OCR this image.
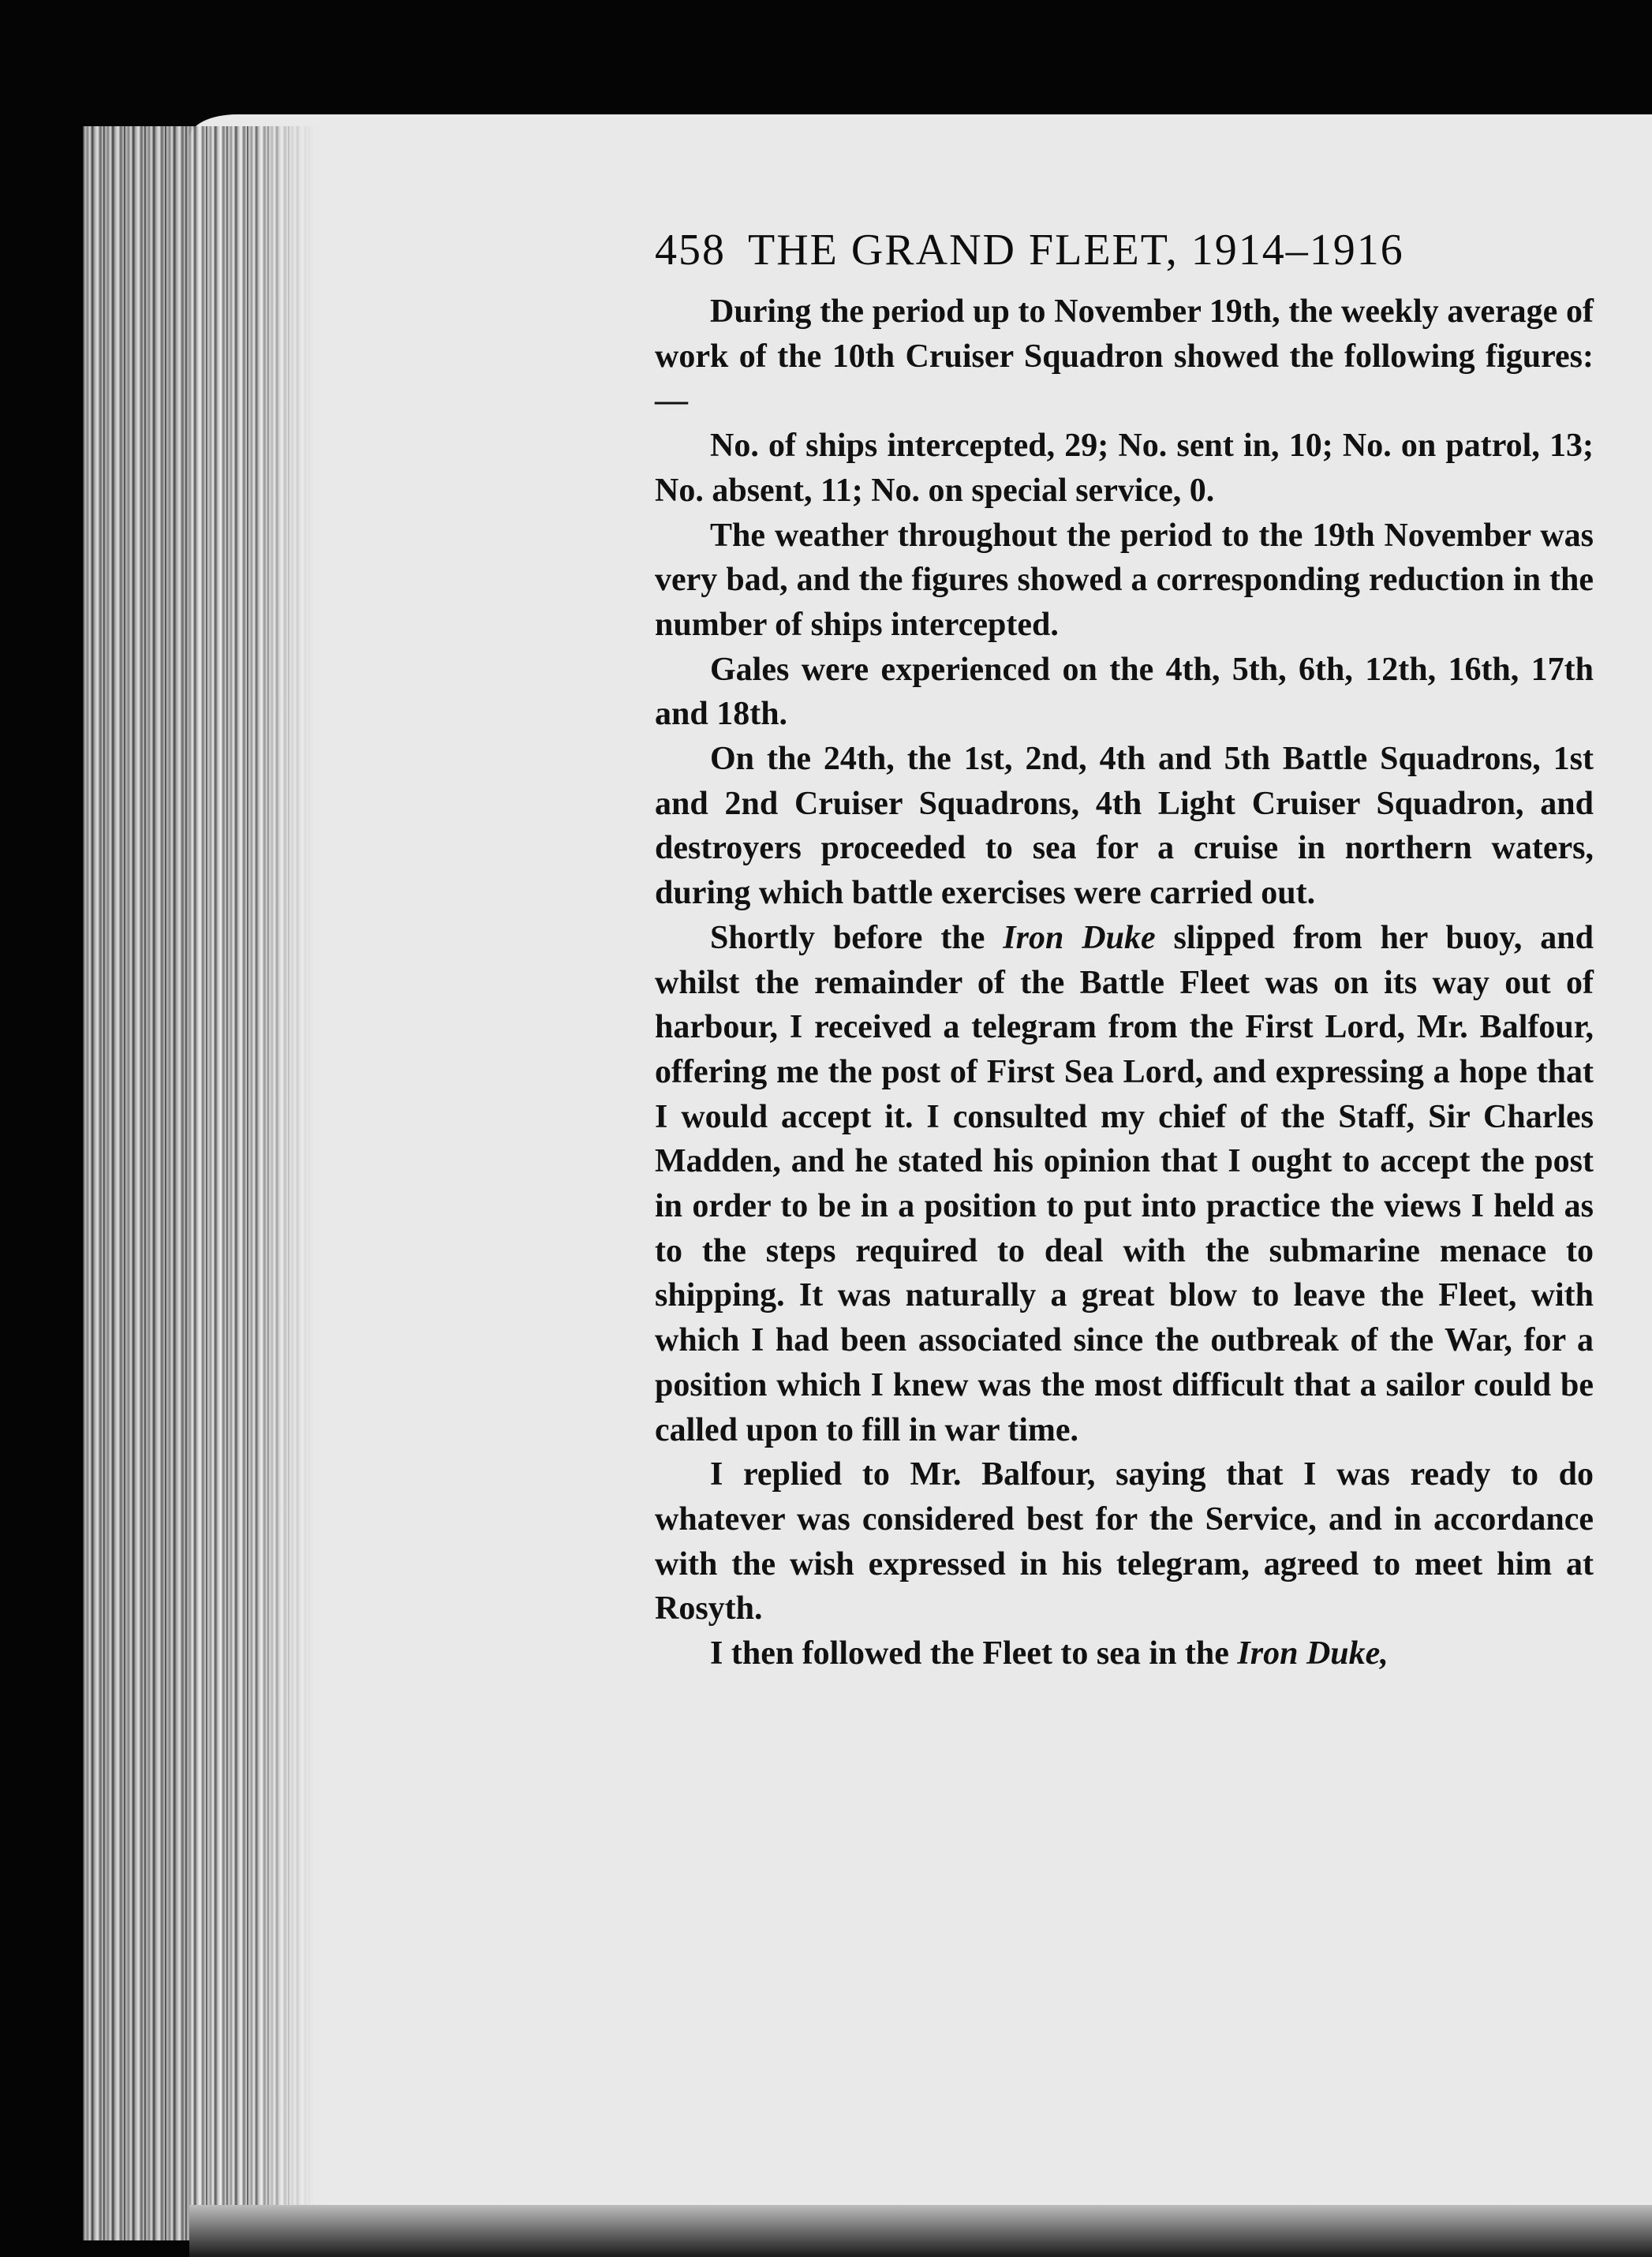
458 THE GRAND FLEET, 1914–1916

During the period up to November 19th, the weekly average of work of the 10th Cruiser Squadron showed the following figures:—

No. of ships intercepted, 29; No. sent in, 10; No. on patrol, 13; No. absent, 11; No. on special service, 0.

The weather throughout the period to the 19th November was very bad, and the figures showed a corresponding reduction in the number of ships intercepted.

Gales were experienced on the 4th, 5th, 6th, 12th, 16th, 17th and 18th.

On the 24th, the 1st, 2nd, 4th and 5th Battle Squadrons, 1st and 2nd Cruiser Squadrons, 4th Light Cruiser Squadron, and destroyers proceeded to sea for a cruise in northern waters, during which battle exercises were carried out.

Shortly before the Iron Duke slipped from her buoy, and whilst the remainder of the Battle Fleet was on its way out of harbour, I received a telegram from the First Lord, Mr. Balfour, offering me the post of First Sea Lord, and expressing a hope that I would accept it. I consulted my chief of the Staff, Sir Charles Madden, and he stated his opinion that I ought to accept the post in order to be in a position to put into practice the views I held as to the steps required to deal with the submarine menace to shipping. It was naturally a great blow to leave the Fleet, with which I had been associated since the outbreak of the War, for a position which I knew was the most difficult that a sailor could be called upon to fill in war time.

I replied to Mr. Balfour, saying that I was ready to do whatever was considered best for the Service, and in accordance with the wish expressed in his telegram, agreed to meet him at Rosyth.

I then followed the Fleet to sea in the Iron Duke,
